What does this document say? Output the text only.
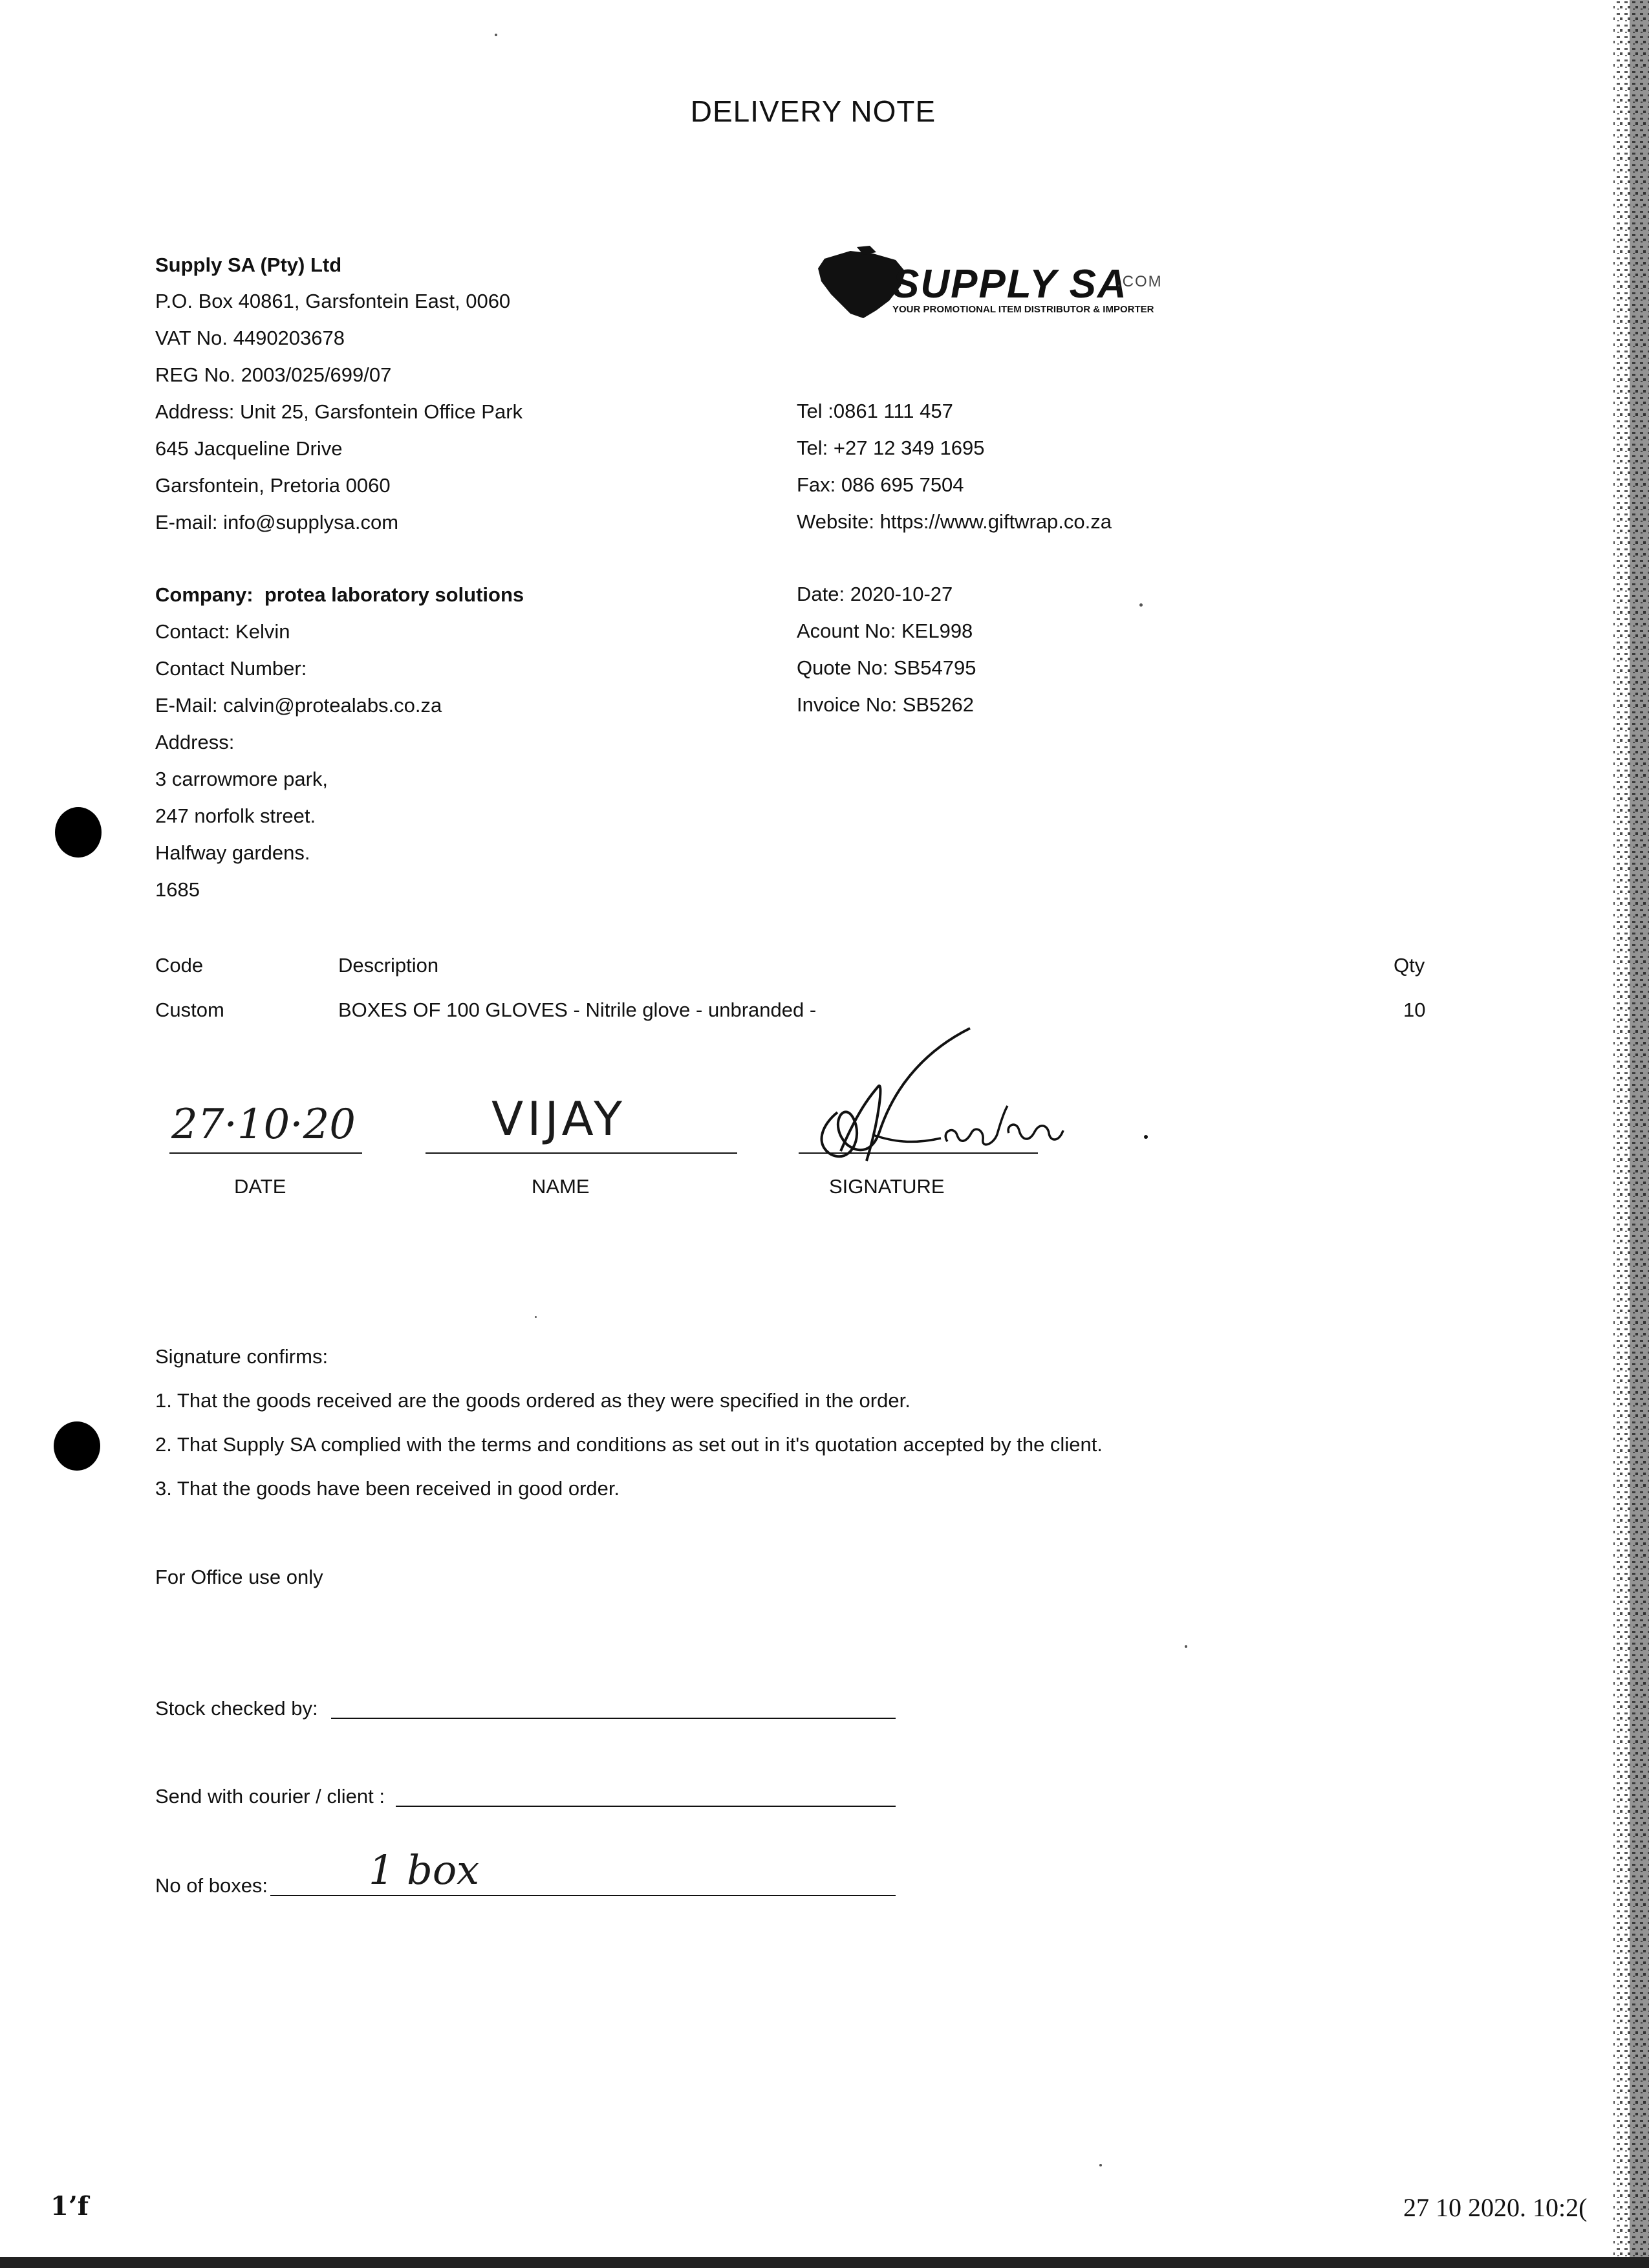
DELIVERY NOTE
Supply SA (Pty) Ltd
P.O. Box 40861, Garsfontein East, 0060
VAT No. 4490203678
REG No. 2003/025/699/07
Address: Unit 25, Garsfontein Office Park
645 Jacqueline Drive
Garsfontein, Pretoria 0060
E-mail: info@supplysa.com
SUPPLY SA
.COM
YOUR PROMOTIONAL ITEM DISTRIBUTOR & IMPORTER
Tel :0861 111 457
Tel: +27 12 349 1695
Fax: 086 695 7504
Website: https://www.giftwrap.co.za
Company: protea laboratory solutions
Contact: Kelvin
Contact Number:
E-Mail: calvin@protealabs.co.za
Address:
3 carrowmore park,
247 norfolk street.
Halfway gardens.
1685
Date: 2020-10-27
Acount No: KEL998
Quote No: SB54795
Invoice No: SB5262
Code	Description	Qty
Custom	BOXES OF 100 GLOVES - Nitrile glove - unbranded -	10
27·10·20	VIJAY
DATE	NAME	SIGNATURE
Signature confirms:
1. That the goods received are the goods ordered as they were specified in the order.
2. That Supply SA complied with the terms and conditions as set out in it's quotation accepted by the client.
3. That the goods have been received in good order.
For Office use only
Stock checked by:
Send with courier / client :
No of boxes:	1 box
1’f	27 10 2020. 10:2(
